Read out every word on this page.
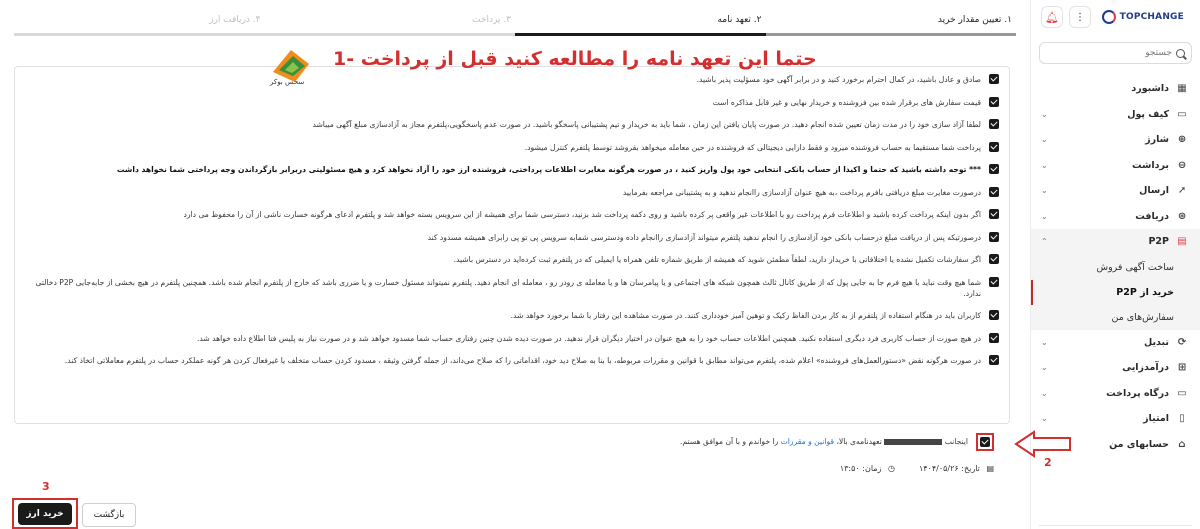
TOPCHANGE
🔔︎ ⋮
جستجو
▦
داشبورد
▭
کیف پول
⌄
⊕
شارژ
⌄
⊖
برداشت
⌄
➚
ارسال
⌄
⊛
دریافت
⌄
▤
P2P
⌃
ساخت آگهی فروش
خرید از P2P
سفارش‌های من
⟳
تبدیل
⌄
⊞
درآمدزایی
⌄
▭
درگاه پرداخت
⌄
▯
امتیاز
⌄
⌂
حسابهای من
۱. تعیین مقدار خرید
۲. تعهد نامه
۳. پرداخت
۴. دریافت ارز
صادق و عادل باشید، در کمال احترام برخورد کنید و در برابر آگهی خود مسؤلیت پذیر باشید.
قیمت سفارش های برقرار شده بین فروشنده و خریدار نهایی و غیر قابل مذاکره است
لطفا آزاد سازی خود را در مدت زمان تعیین شده انجام دهید. در صورت پایان یافتن این زمان ، شما باید به خریدار و تیم پشتیبانی پاسخگو باشید. در صورت عدم پاسخگویی،پلتفرم مجاز به آزادسازی مبلغ آگهی میباشد
پرداخت شما مستقیما به حساب فروشنده میرود و فقط دارایی دیجیتالی که فروشنده در حین معامله میخواهد بفروشد توسط پلتفرم کنترل میشود.
*** توجه داشته باشید که حتما و اکیدا از حساب بانکی انتخابی خود پول واریز کنید ، در صورت هرگونه مغایرت اطلاعات پرداختی، فروشنده ارز خود را آزاد نخواهد کرد و هیچ مسئولیتی دربرابر بازگرداندن وجه پرداختی شما نخواهد داشت
درصورت مغایرت مبلغ دریافتی بافرم پرداخت ،به هیچ عنوان آزادسازی راانجام ندهید و به پشتیبانی مراجعه بفرمایید
اگر بدون اینکه پرداخت کرده باشید و اطلاعات فرم پرداخت رو با اطلاعات غیر واقعی پر کرده باشید و روی دکمه پرداخت شد بزنید، دسترسی شما برای همیشه از این سرویس بسته خواهد شد و پلتفرم ادعای هرگونه خسارت ناشی از آن را محفوظ می دارد
درصورتیکه پس از دریافت مبلغ درحساب بانکی خود آزادسازی را انجام ندهید پلتفرم میتواند آزادسازی راانجام داده ودسترسی شمابه سرویس پی تو پی رابرای همیشه مسدود کند
اگر سفارشات تکمیل نشده یا اختلافاتی با خریدار دارید، لطفاً مطمئن شوید که همیشه از طریق شماره تلفن همراه یا ایمیلی که در پلتفرم ثبت کرده‌اید در دسترس باشید.
شما هیچ وقت نباید با هیچ فرم جا به جایی پول که از طریق کانال ثالث همچون شبکه های اجتماعی و یا پیامرسان ها و یا معامله ی رودر رو ، معامله ای انجام دهید. پلتفرم نمیتواند مسئول خسارت و یا ضرری باشد که خارج از پلتفرم انجام شده باشد. همچنین پلتفرم در هیچ بخشی از جابه‌جایی P2P دخالتی ندارد.
کاربران باید در هنگام استفاده از پلتفرم از به کار بردن الفاظ رکیک و توهین آمیز خودداری کنند. در صورت مشاهده این رفتار با شما برخورد خواهد شد.
در هیچ صورت از حساب کاربری فرد دیگری استفاده نکنید. همچنین اطلاعات حساب خود را به هیچ عنوان در اختیار دیگران قرار ندهید. در صورت دیده شدن چنین رفتاری حساب شما مسدود خواهد شد و در صورت نیاز به پلیس فتا اطلاع داده خواهد شد.
در صورت هرگونه نقض «دستورالعمل‌های فروشنده» اعلام شده، پلتفرم می‌تواند مطابق با قوانین و مقررات مربوطه، با بنا به صلاح دید خود، اقداماتی را که صلاح می‌داند، از جمله گرفتن وثیقه ، مسدود کردن حساب متخلف یا غیرفعال کردن هر گونه عملکرد حساب در پلتفرم معاملاتی اتخاذ کند.
سحس بوکر
حتما این تعهد نامه را مطالعه کنید قبل از پرداخت -1
اینجانب  تعهدنامه‌ی بالا، قوانین و مقررات را خواندم و با آن موافق هستم.
▤ تاریخ: ۱۴۰۴/۰۵/۲۶
◷ زمان: ۱۳:۵۰	2
3
خرید ارز	بازگشت
